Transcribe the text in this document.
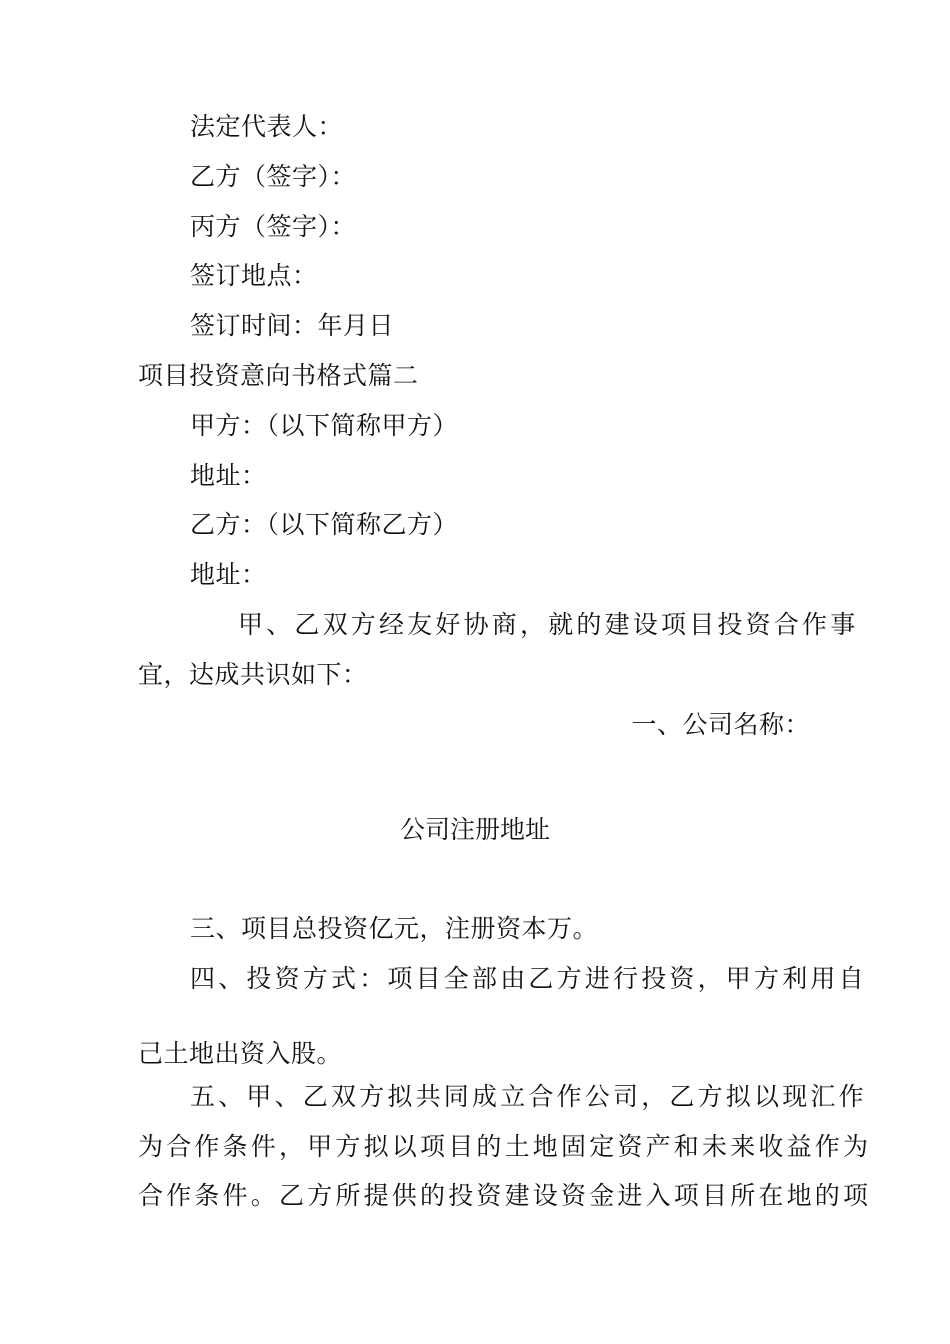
法定代表人：
乙方（签字）：
丙方（签字）：
签订地点：
签订时间：年月日
项目投资意向书格式篇二
甲方：（以下简称甲方）
地址：
乙方：（以下简称乙方）
地址：
甲、乙双方经友好协商，就的建设项目投资合作事
宜，达成共识如下：
一、公司名称：
公司注册地址
三、项目总投资亿元，注册资本万。
四、投资方式：项目全部由乙方进行投资，甲方利用自
己土地出资入股。
五、甲、乙双方拟共同成立合作公司，乙方拟以现汇作
为合作条件，甲方拟以项目的土地固定资产和未来收益作为
合作条件。乙方所提供的投资建设资金进入项目所在地的项
